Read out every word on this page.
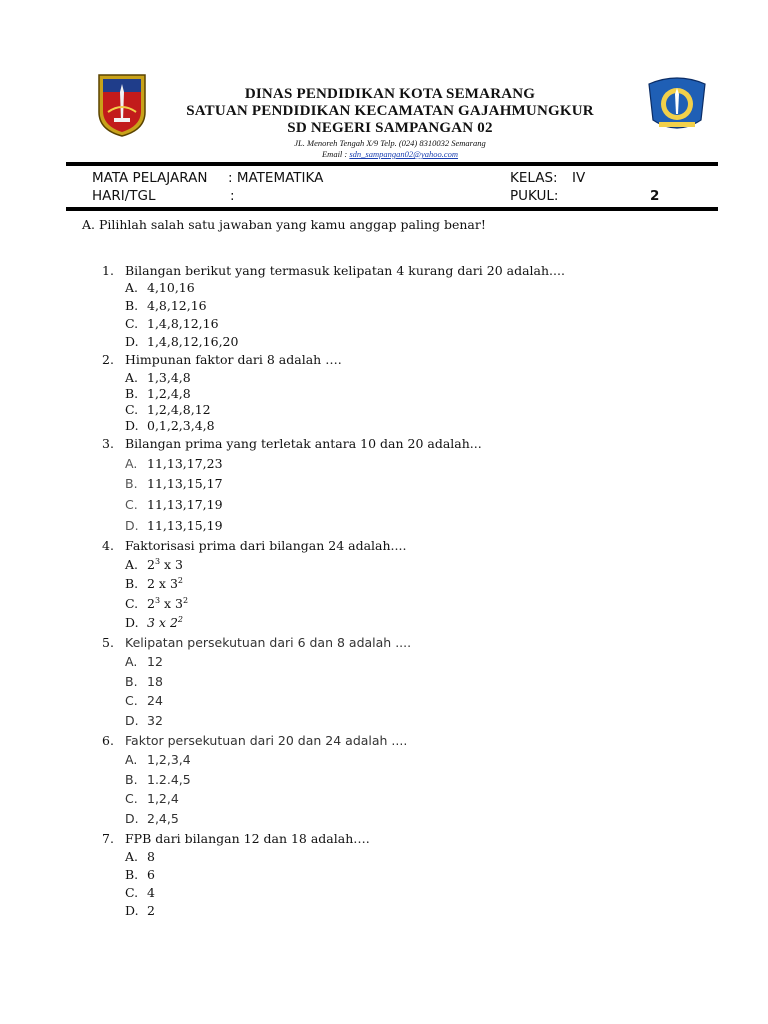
DINAS PENDIDIKAN KOTA SEMARANG
SATUAN PENDIDIKAN KECAMATAN GAJAHMUNGKUR
SD NEGERI SAMPANGAN 02
JL. Menoreh Tengah X/9 Telp. (024) 8310032 Semarang
Email : sdn_sampangan02@yahoo.com
MATA PELAJARAN : MATEMATIKA
HARI/TGL	:
KELAS: IV
PUKUL:	2
A. Pilihlah salah satu jawaban yang kamu anggap paling benar!
1. Bilangan berikut yang termasuk kelipatan 4 kurang dari 20 adalah....
A. 4,10,16
B. 4,8,12,16
C. 1,4,8,12,16
D. 1,4,8,12,16,20
2. Himpunan faktor dari 8 adalah ….
A. 1,3,4,8
B. 1,2,4,8
C. 1,2,4,8,12
D. 0,1,2,3,4,8
3. Bilangan prima yang terletak antara 10 dan 20 adalah...
A. 11,13,17,23
B. 11,13,15,17
C. 11,13,17,19
D. 11,13,15,19
4. Faktorisasi prima dari bilangan 24 adalah....
A. $2^3$ x 3
B. 2 x $3^2$
C. $2^3$ x $3^2$
D. 3 x $2^2$
5. Kelipatan persekutuan dari 6 dan 8 adalah ....
A. 12
B. 18
C. 24
D. 32
6. Faktor persekutuan dari 20 dan 24 adalah ....
A. 1,2,3,4
B. 1.2.4,5
C. 1,2,4
D. 2,4,5
7. FPB dari bilangan 12 dan 18 adalah….
A. 8
B. 6
C. 4
D. 2
